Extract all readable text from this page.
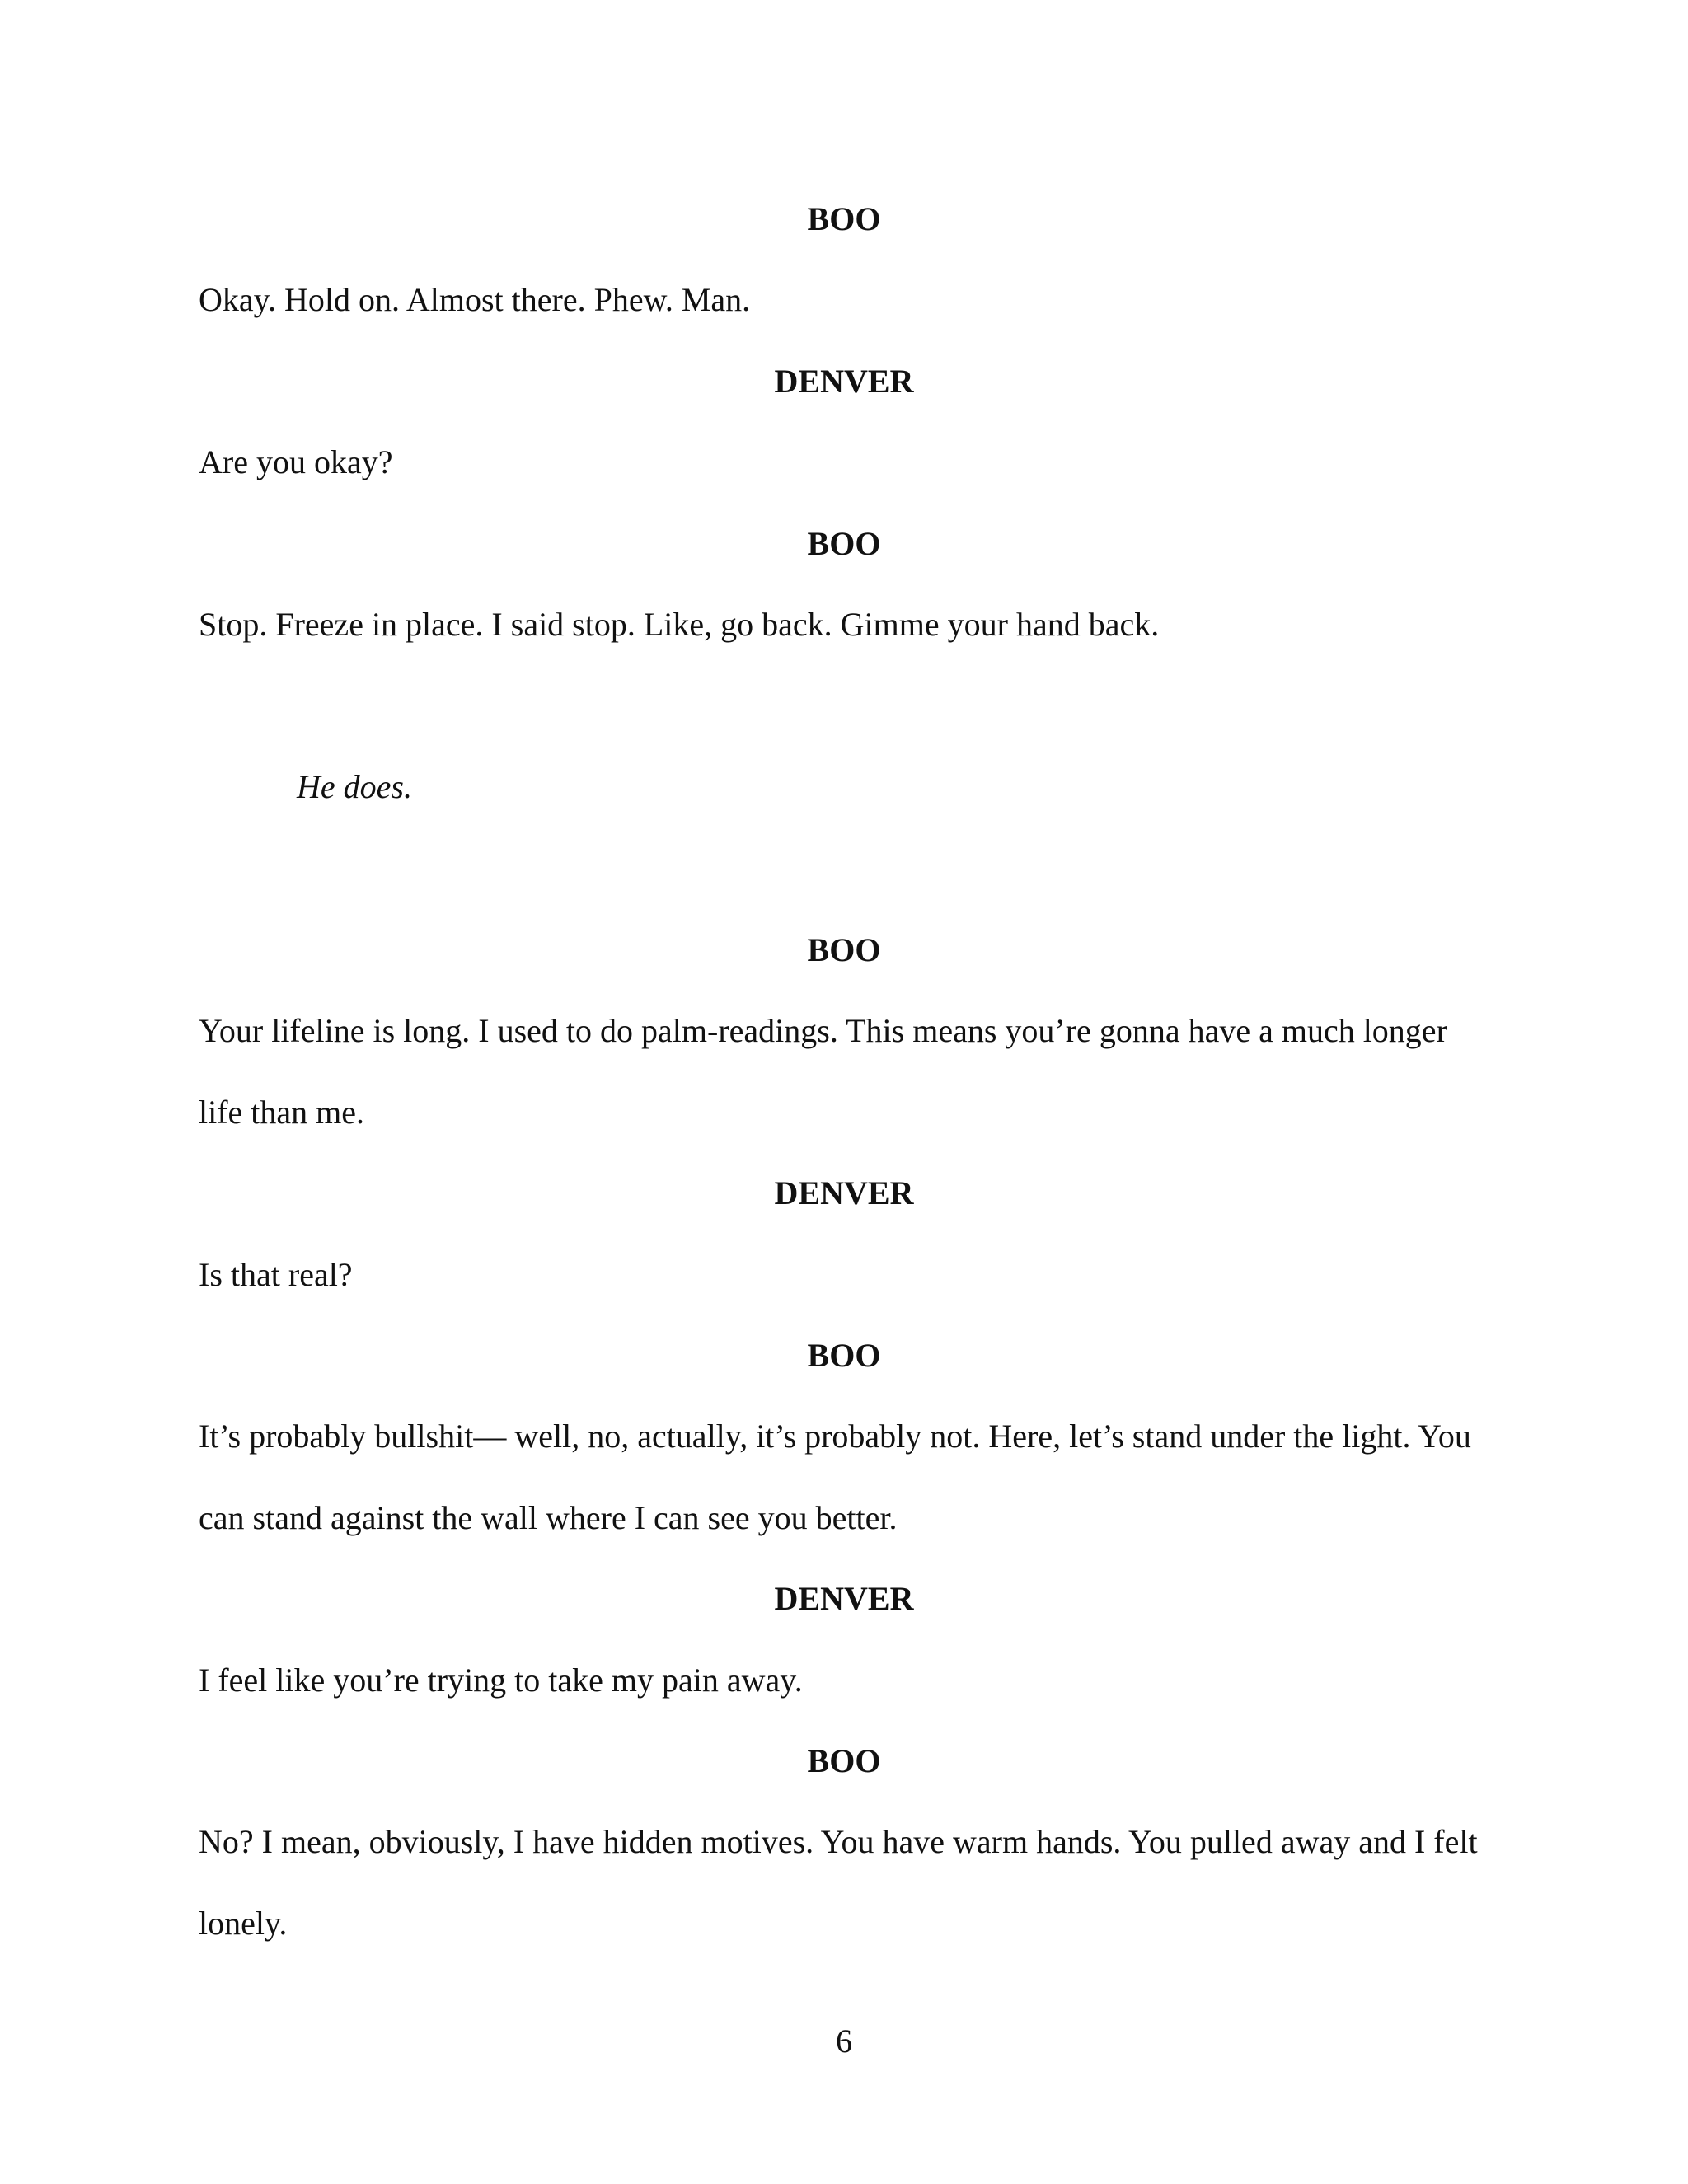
BOO
Okay. Hold on. Almost there. Phew. Man.
DENVER
Are you okay?
BOO
Stop. Freeze in place. I said stop. Like, go back. Gimme your hand back.
He does.
BOO
Your lifeline is long. I used to do palm-readings. This means you’re gonna have a much longer
life than me.
DENVER
Is that real?
BOO
It’s probably bullshit— well, no, actually, it’s probably not. Here, let’s stand under the light. You
can stand against the wall where I can see you better.
DENVER
I feel like you’re trying to take my pain away.
BOO
No? I mean, obviously, I have hidden motives. You have warm hands. You pulled away and I felt
lonely.
6
